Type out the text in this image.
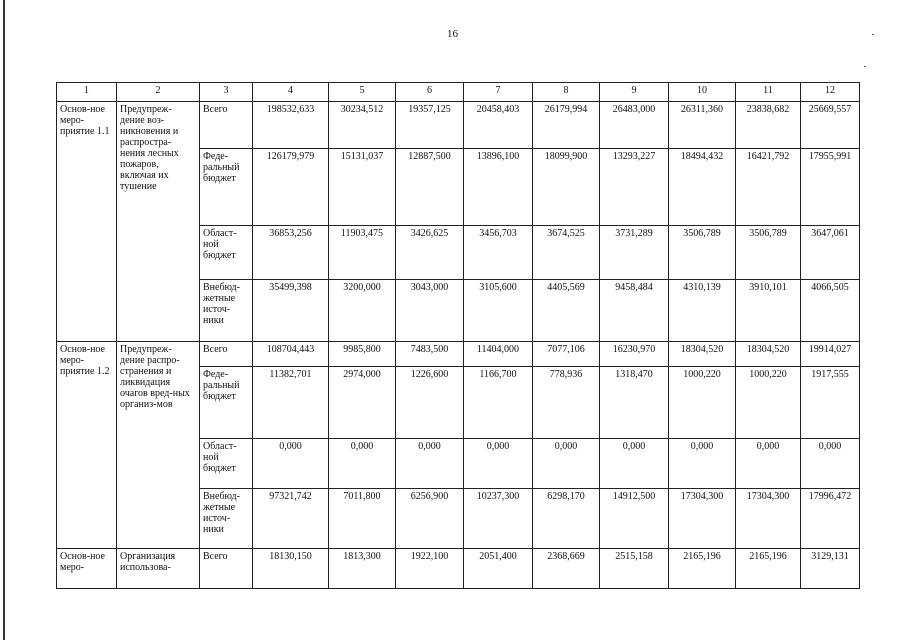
16
1	2	3	4	5	6	7	8	9	10	11	12
Основ-ное меро-приятие 1.1	Предупреж-дение воз-никновения и распростра-нения лесных пожаров, включая их тушение	Всего	198532,633	30234,512	19357,125	20458,403	26179,994	26483,000	26311,360	23838,682	25669,557
		Феде-ральный бюджет	126179,979	15131,037	12887,500	13896,100	18099,900	13293,227	18494,432	16421,792	17955,991
		Област-ной бюджет	36853,256	11903,475	3426,625	3456,703	3674,525	3731,289	3506,789	3506,789	3647,061
		Внебюд-жетные источ-ники	35499,398	3200,000	3043,000	3105,600	4405,569	9458,484	4310,139	3910,101	4066,505
Основ-ное меро-приятие 1.2	Предупреж-дение распро-странения и ликвидация очагов вред-ных организ-мов	Всего	108704,443	9985,800	7483,500	11404,000	7077,106	16230,970	18304,520	18304,520	19914,027
		Феде-ральный бюджет	11382,701	2974,000	1226,600	1166,700	778,936	1318,470	1000,220	1000,220	1917,555
		Област-ной бюджет	0,000	0,000	0,000	0,000	0,000	0,000	0,000	0,000	0,000
		Внебюд-жетные источ-ники	97321,742	7011,800	6256,900	10237,300	6298,170	14912,500	17304,300	17304,300	17996,472
Основ-ное меро-	Организация использова-	Всего	18130,150	1813,300	1922,100	2051,400	2368,669	2515,158	2165,196	2165,196	3129,131
